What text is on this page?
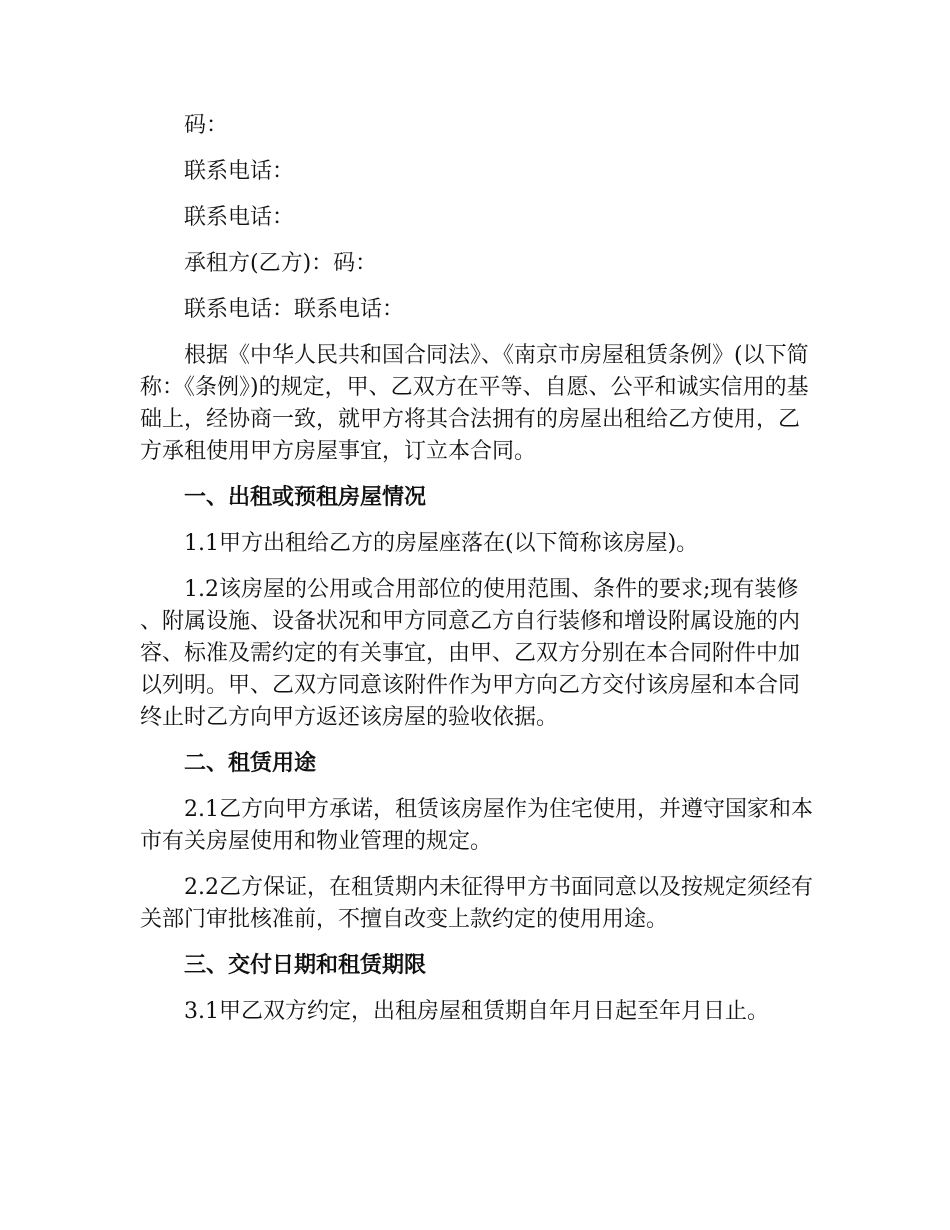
码：

联系电话：

联系电话：

承租方(乙方)：码：

联系电话：联系电话：

根据《中华人民共和国合同法》、《南京市房屋租赁条例》(以下简称：《条例》)的规定，甲、乙双方在平等、自愿、公平和诚实信用的基础上，经协商一致，就甲方将其合法拥有的房屋出租给乙方使用，乙方承租使用甲方房屋事宜，订立本合同。

一、出租或预租房屋情况

1.1甲方出租给乙方的房屋座落在(以下简称该房屋)。

1.2该房屋的公用或合用部位的使用范围、条件的要求;现有装修、附属设施、设备状况和甲方同意乙方自行装修和增设附属设施的内容、标准及需约定的有关事宜，由甲、乙双方分别在本合同附件中加以列明。甲、乙双方同意该附件作为甲方向乙方交付该房屋和本合同终止时乙方向甲方返还该房屋的验收依据。

二、租赁用途

2.1乙方向甲方承诺，租赁该房屋作为住宅使用，并遵守国家和本市有关房屋使用和物业管理的规定。

2.2乙方保证，在租赁期内未征得甲方书面同意以及按规定须经有关部门审批核准前，不擅自改变上款约定的使用用途。

三、交付日期和租赁期限

3.1甲乙双方约定，出租房屋租赁期自年月日起至年月日止。
